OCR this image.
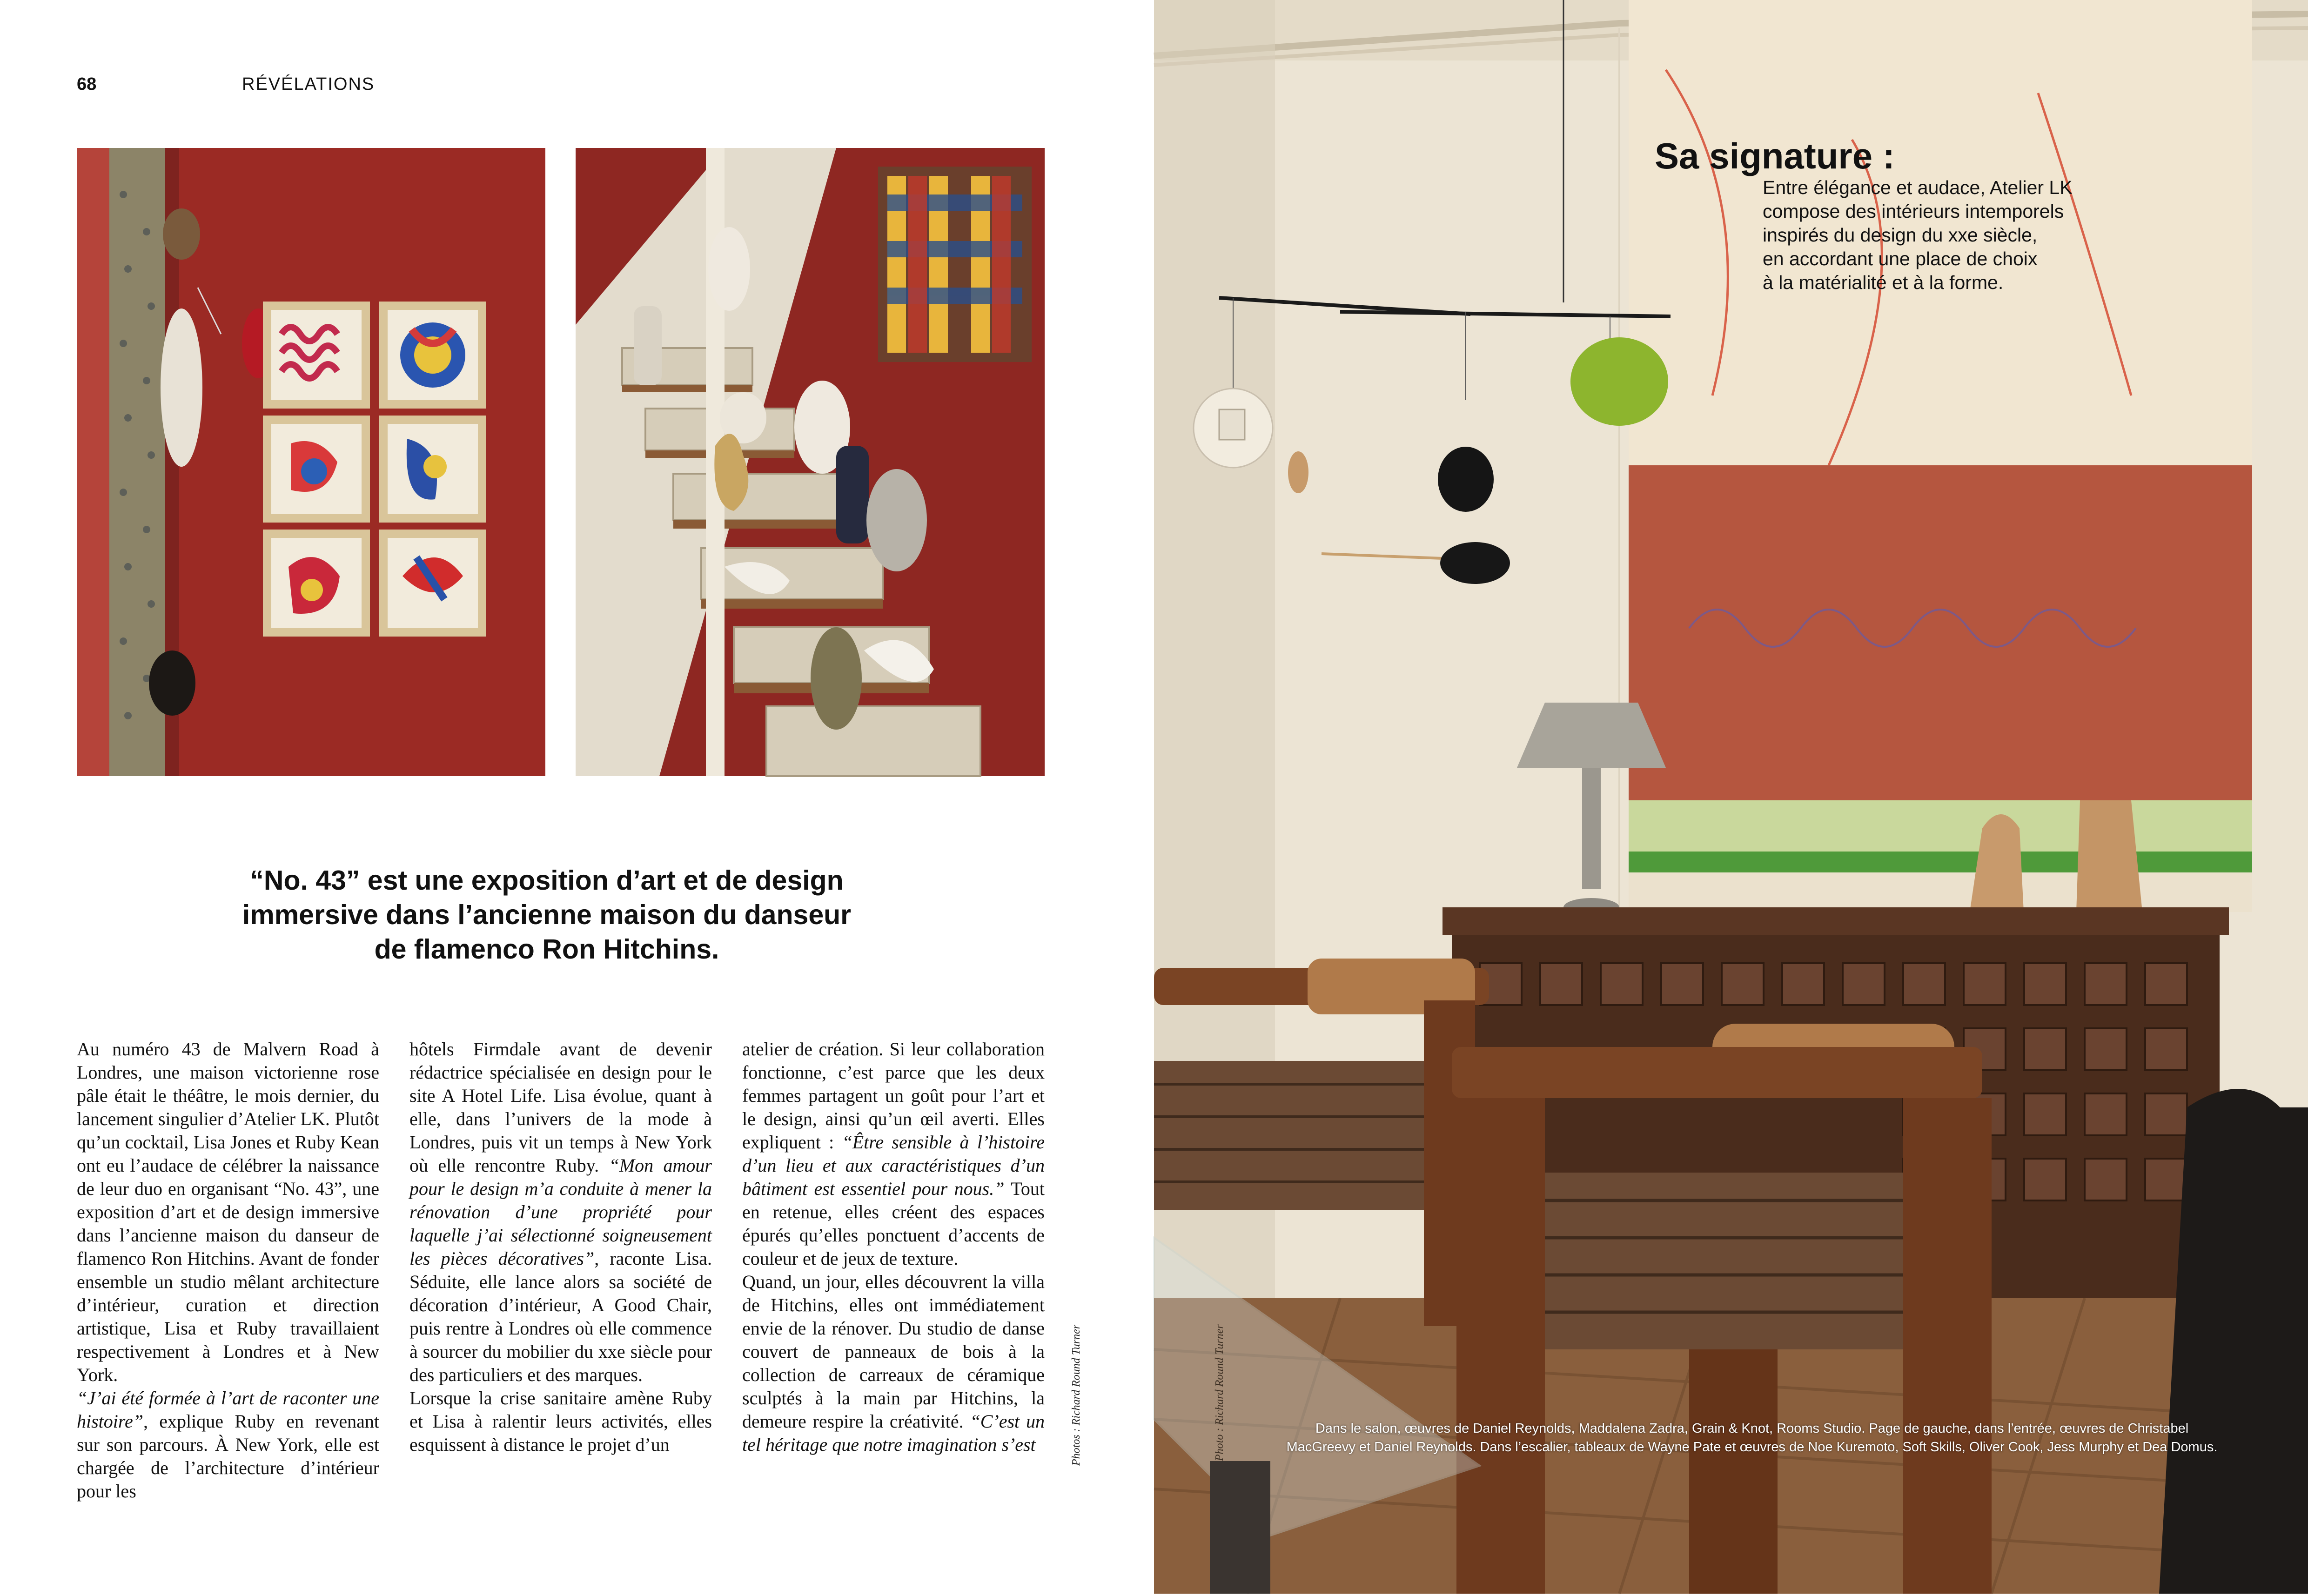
68	RÉVÉLATIONS
“No. 43” est une exposition d’art et de design
immersive dans l’ancienne maison du danseur
de flamenco Ron Hitchins.

Au numéro 43 de Malvern Road à Londres, une maison victorienne rose pâle était le théâtre, le mois dernier, du lancement singulier d’Atelier LK. Plutôt qu’un cocktail, Lisa Jones et Ruby Kean ont eu l’audace de célébrer la naissance de leur duo en organisant “No. 43”, une exposition d’art et de design immersive dans l’ancienne maison du danseur de flamenco Ron Hitchins. Avant de fonder ensemble un studio mêlant architecture d’intérieur, curation et direction artistique, Lisa et Ruby travaillaient respectivement à Londres et à New York.

“J’ai été formée à l’art de raconter une histoire”, explique Ruby en revenant sur son parcours. À New York, elle est chargée de l’architecture d’intérieur pour les

hôtels Firmdale avant de devenir rédactrice spécialisée en design pour le site A Hotel Life. Lisa évolue, quant à elle, dans l’univers de la mode à Londres, puis vit un temps à New York où elle rencontre Ruby. “Mon amour pour le design m’a conduite à mener la rénovation d’une propriété pour laquelle j’ai sélectionné soigneusement les pièces décoratives”, raconte Lisa. Séduite, elle lance alors sa société de décoration d’intérieur, A Good Chair, puis rentre à Londres où elle commence à sourcer du mobilier du xxe siècle pour des particuliers et des marques.

Lorsque la crise sanitaire amène Ruby et Lisa à ralentir leurs activités, elles esquissent à distance le projet d’un

atelier de création. Si leur collaboration fonctionne, c’est parce que les deux femmes partagent un goût pour l’art et le design, ainsi qu’un œil averti. Elles expliquent : “Être sensible à l’histoire d’un lieu et aux caractéristiques d’un bâtiment est essentiel pour nous.” Tout en retenue, elles créent des espaces épurés qu’elles ponctuent d’accents de couleur et de jeux de texture.

Quand, un jour, elles découvrent la villa de Hitchins, elles ont immédiatement envie de la rénover. Du studio de danse couvert de panneaux de bois à la collection de carreaux de céramique sculptés à la main par Hitchins, la demeure respire la créativité. “C’est un tel héritage que notre imagination s’est	Photos : Richard Round Turner
Sa signature :
Entre élégance et audace, Atelier LK
compose des intérieurs intemporels
inspirés du design du xxe siècle,
en accordant une place de choix
à la matérialité et à la forme.
Dans le salon, œuvres de Daniel Reynolds, Maddalena Zadra, Grain & Knot, Rooms Studio. Page de gauche, dans l’entrée, œuvres de Christabel
MacGreevy et Daniel Reynolds. Dans l’escalier, tableaux de Wayne Pate et œuvres de Noe Kuremoto, Soft Skills, Oliver Cook, Jess Murphy et Dea Domus.
Photo : Richard Round Turner
